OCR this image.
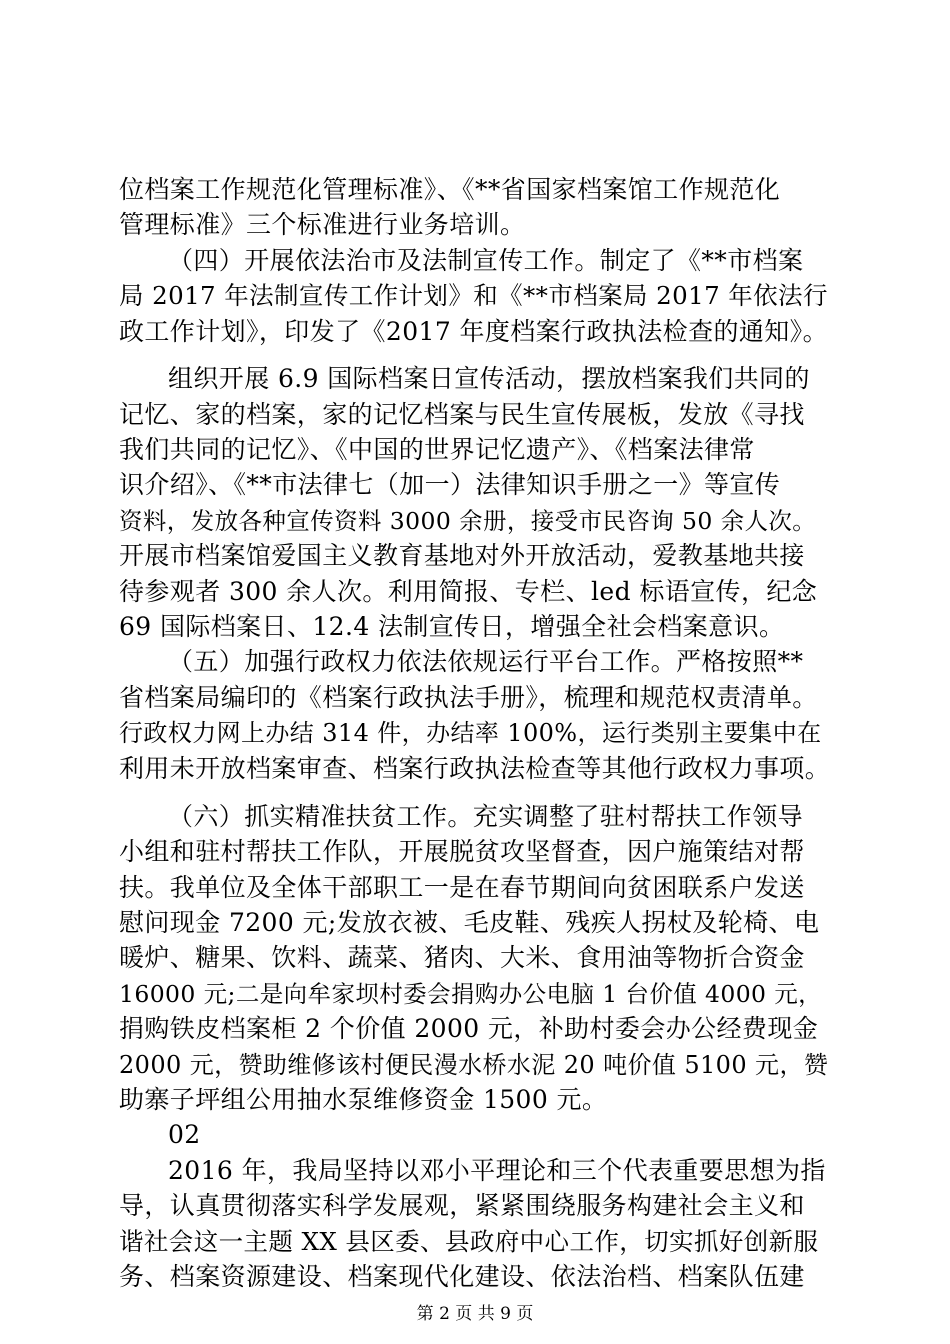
位档案工作规范化管理标准》、《**省国家档案馆工作规范化
管理标准》三个标准进行业务培训。
（四）开展依法治市及法制宣传工作。制定了《**市档案
局 2017 年法制宣传工作计划》和《**市档案局 2017 年依法行
政工作计划》，印发了《2017 年度档案行政执法检查的通知》。
组织开展 6.9 国际档案日宣传活动，摆放档案我们共同的
记忆、家的档案，家的记忆档案与民生宣传展板，发放《寻找
我们共同的记忆》、《中国的世界记忆遗产》、《档案法律常
识介绍》、《**市法律七（加一）法律知识手册之一》等宣传
资料，发放各种宣传资料 3000 余册，接受市民咨询 50 余人次。
开展市档案馆爱国主义教育基地对外开放活动，爱教基地共接
待参观者 300 余人次。利用简报、专栏、led 标语宣传，纪念
69 国际档案日、12.4 法制宣传日，增强全社会档案意识。
（五）加强行政权力依法依规运行平台工作。严格按照**
省档案局编印的《档案行政执法手册》，梳理和规范权责清单。
行政权力网上办结 314 件，办结率 100%，运行类别主要集中在
利用未开放档案审查、档案行政执法检查等其他行政权力事项。
（六）抓实精准扶贫工作。充实调整了驻村帮扶工作领导
小组和驻村帮扶工作队，开展脱贫攻坚督查，因户施策结对帮
扶。我单位及全体干部职工一是在春节期间向贫困联系户发送
慰问现金 7200 元;发放衣被、毛皮鞋、残疾人拐杖及轮椅、电
暖炉、糖果、饮料、蔬菜、猪肉、大米、食用油等物折合资金
16000 元;二是向牟家坝村委会捐购办公电脑 1 台价值 4000 元，
捐购铁皮档案柜 2 个价值 2000 元，补助村委会办公经费现金
2000 元，赞助维修该村便民漫水桥水泥 20 吨价值 5100 元，赞
助寨子坪组公用抽水泵维修资金 1500 元。
02
2016 年，我局坚持以邓小平理论和三个代表重要思想为指
导，认真贯彻落实科学发展观，紧紧围绕服务构建社会主义和
谐社会这一主题 XX 县区委、县政府中心工作，切实抓好创新服
务、档案资源建设、档案现代化建设、依法治档、档案队伍建
第 2 页 共 9 页
